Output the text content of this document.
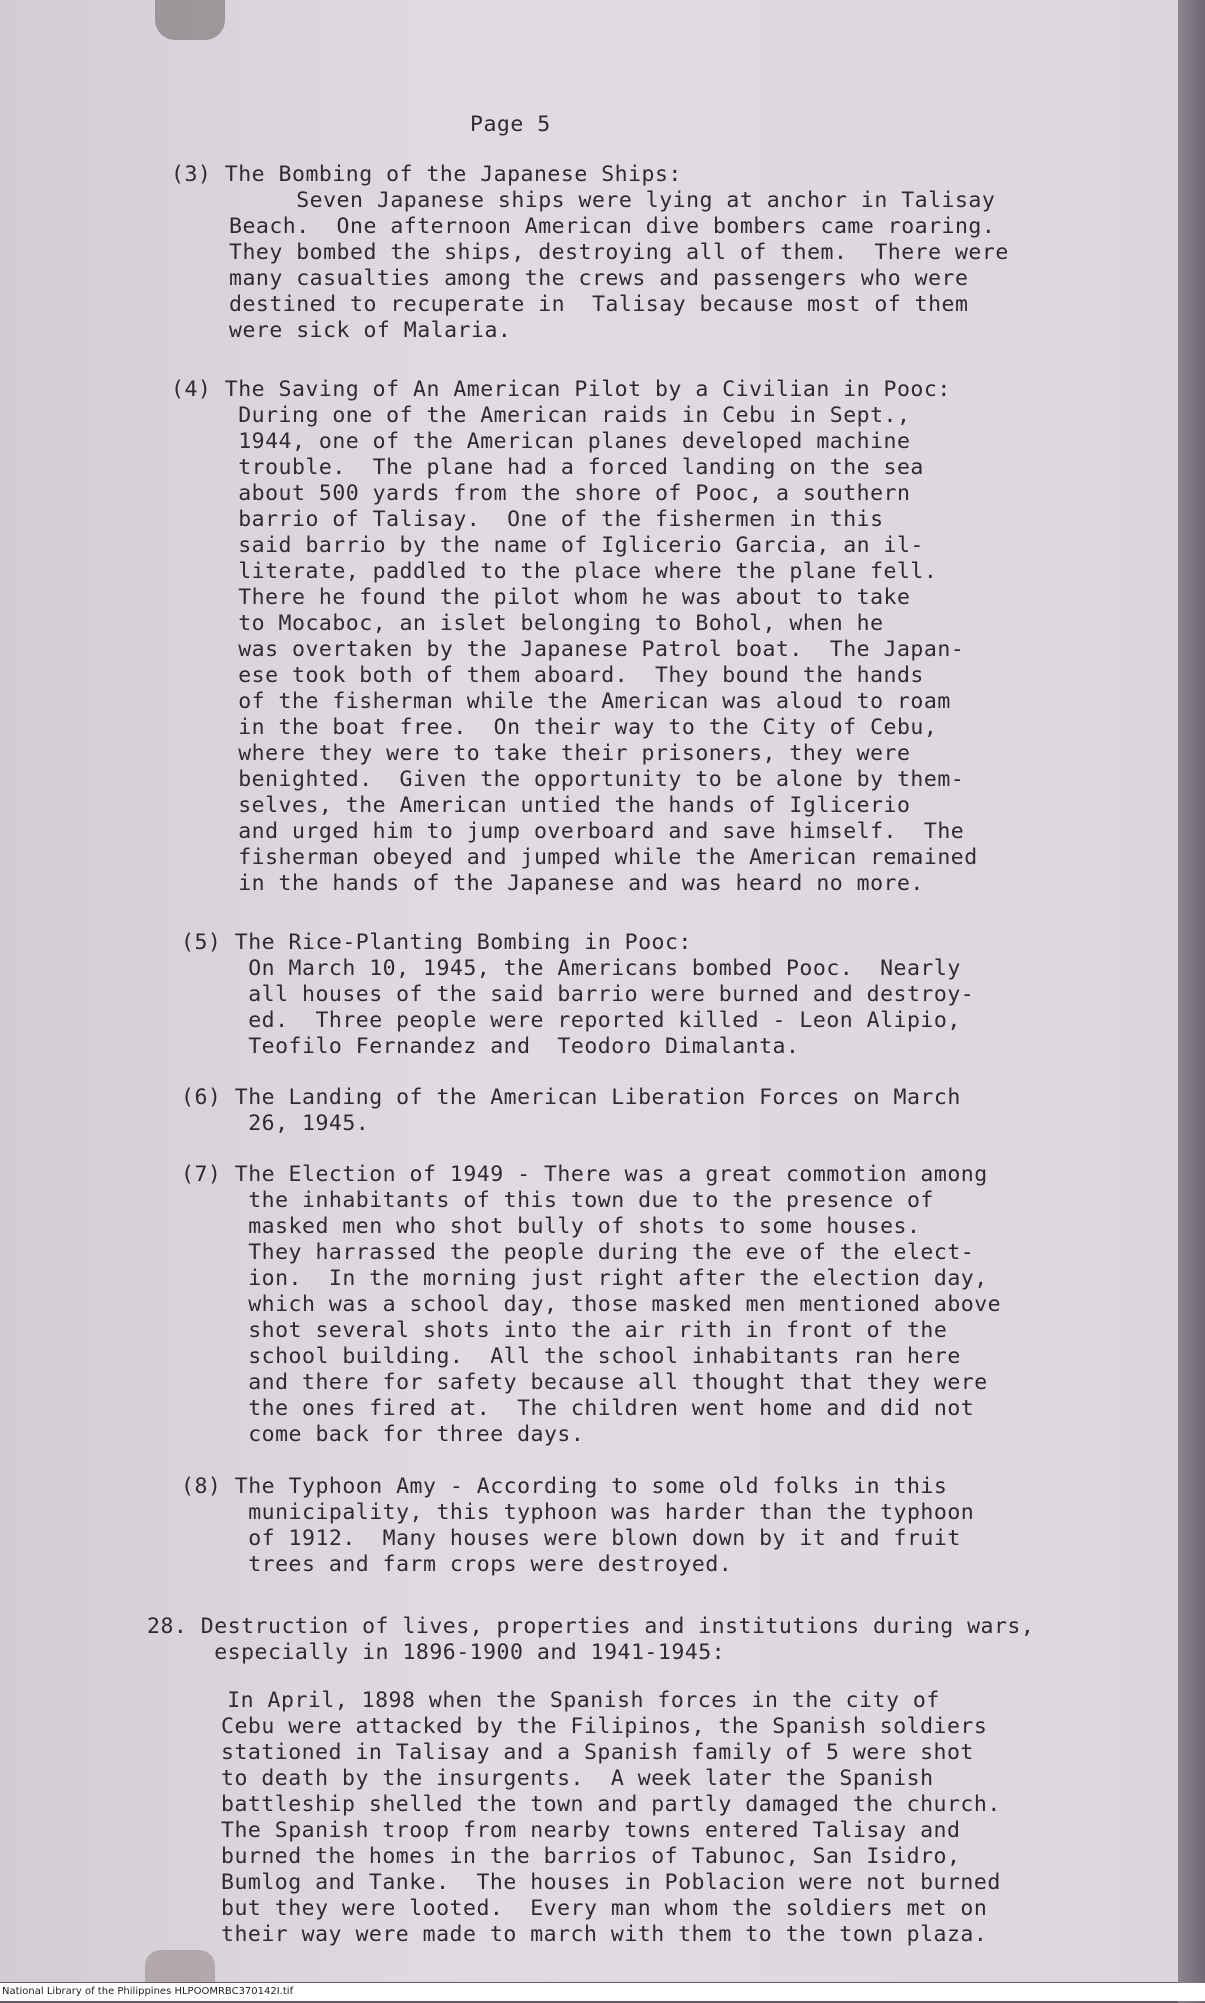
Page 5

(3) The Bombing of the Japanese Ships:

Seven Japanese ships were lying at anchor in Talisay

Beach.  One afternoon American dive bombers came roaring.

They bombed the ships, destroying all of them.  There were

many casualties among the crews and passengers who were

destined to recuperate in  Talisay because most of them

were sick of Malaria.

(4) The Saving of An American Pilot by a Civilian in Pooc:

During one of the American raids in Cebu in Sept.,

1944, one of the American planes developed machine

trouble.  The plane had a forced landing on the sea

about 500 yards from the shore of Pooc, a southern

barrio of Talisay.  One of the fishermen in this

said barrio by the name of Iglicerio Garcia, an il-

literate, paddled to the place where the plane fell.

There he found the pilot whom he was about to take

to Mocaboc, an islet belonging to Bohol, when he

was overtaken by the Japanese Patrol boat.  The Japan-

ese took both of them aboard.  They bound the hands

of the fisherman while the American was aloud to roam

in the boat free.  On their way to the City of Cebu,

where they were to take their prisoners, they were

benighted.  Given the opportunity to be alone by them-

selves, the American untied the hands of Iglicerio

and urged him to jump overboard and save himself.  The

fisherman obeyed and jumped while the American remained

in the hands of the Japanese and was heard no more.

(5) The Rice-Planting Bombing in Pooc:

On March 10, 1945, the Americans bombed Pooc.  Nearly

all houses of the said barrio were burned and destroy-

ed.  Three people were reported killed - Leon Alipio,

Teofilo Fernandez and  Teodoro Dimalanta.

(6) The Landing of the American Liberation Forces on March

26, 1945.

(7) The Election of 1949 - There was a great commotion among

the inhabitants of this town due to the presence of

masked men who shot bully of shots to some houses.

They harrassed the people during the eve of the elect-

ion.  In the morning just right after the election day,

which was a school day, those masked men mentioned above

shot several shots into the air rith in front of the

school building.  All the school inhabitants ran here

and there for safety because all thought that they were

the ones fired at.  The children went home and did not

come back for three days.

(8) The Typhoon Amy - According to some old folks in this

municipality, this typhoon was harder than the typhoon

of 1912.  Many houses were blown down by it and fruit

trees and farm crops were destroyed.

28. Destruction of lives, properties and institutions during wars,

especially in 1896-1900 and 1941-1945:

In April, 1898 when the Spanish forces in the city of

Cebu were attacked by the Filipinos, the Spanish soldiers

stationed in Talisay and a Spanish family of 5 were shot

to death by the insurgents.  A week later the Spanish

battleship shelled the town and partly damaged the church.

The Spanish troop from nearby towns entered Talisay and

burned the homes in the barrios of Tabunoc, San Isidro,

Bumlog and Tanke.  The houses in Poblacion were not burned

but they were looted.  Every man whom the soldiers met on

their way were made to march with them to the town plaza.

National Library of the Philippines HLPOOMRBC370142I.tif
